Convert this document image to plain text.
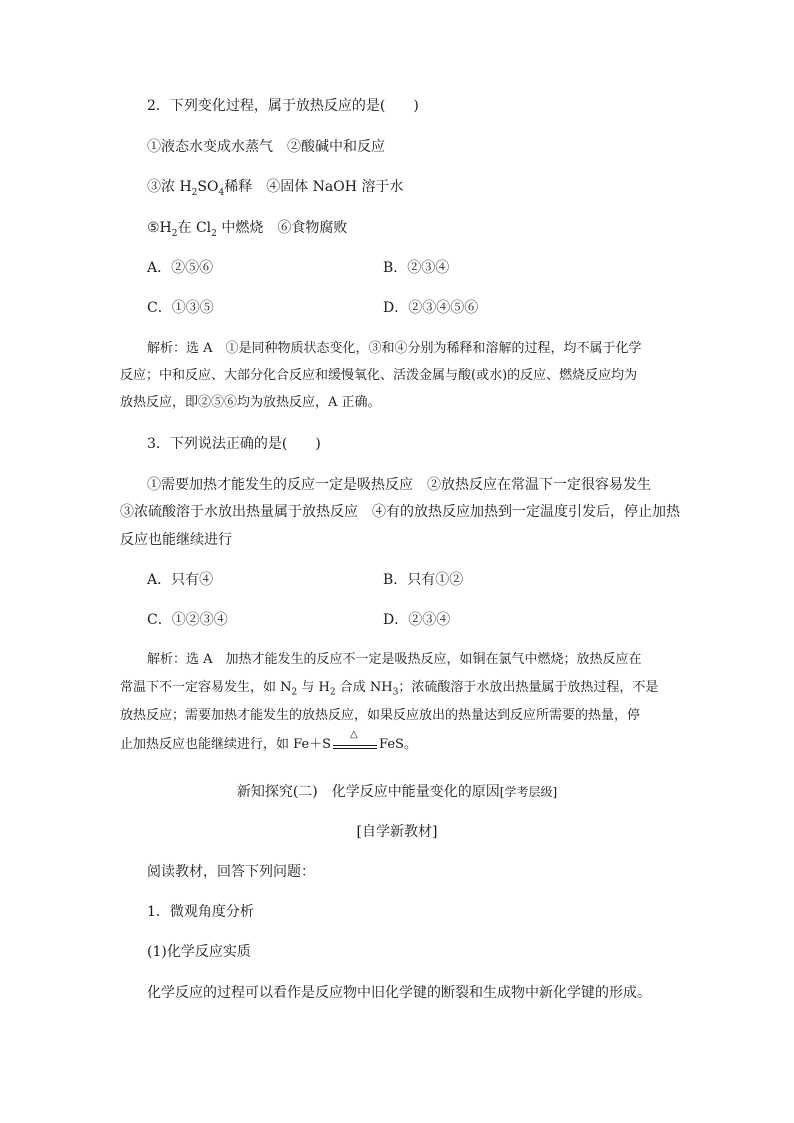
2．下列变化过程，属于放热反应的是(　　)
①液态水变成水蒸气　②酸碱中和反应
③浓 $H_2SO_4$稀释　④固体 NaOH 溶于水
$⑤H_2$在 $Cl_2$ 中燃烧　⑥食物腐败
A．②⑤⑥	B．②③④
C．①③⑤	D．②③④⑤⑥
解析：选 A　①是同种物质状态变化，③和④分别为稀释和溶解的过程，均不属于化学
反应；中和反应、大部分化合反应和缓慢氧化、活泼金属与酸(或水)的反应、燃烧反应均为
放热反应，即②⑤⑥均为放热反应，A 正确。
3．下列说法正确的是(　　)
①需要加热才能发生的反应一定是吸热反应　②放热反应在常温下一定很容易发生
③浓硫酸溶于水放出热量属于放热反应　④有的放热反应加热到一定温度引发后，停止加热
反应也能继续进行
A．只有④	B．只有①②
C．①②③④	D．②③④
解析：选 A　加热才能发生的反应不一定是吸热反应，如铜在氯气中燃烧；放热反应在
常温下不一定容易发生，如 $N_2$ 与 $H_2$ 合成 $NH_3$；浓硫酸溶于水放出热量属于放热过程，不是
放热反应；需要加热才能发生的放热反应，如果反应放出的热量达到反应所需要的热量，停
止加热反应也能继续进行，如 Fe＋S
△
FeS。
新知探究(二)　化学反应中能量变化的原因[学考层级]
[自学新教材]
阅读教材，回答下列问题：
1．微观角度分析
(1)化学反应实质
化学反应的过程可以看作是反应物中旧化学键的断裂和生成物中新化学键的形成。
